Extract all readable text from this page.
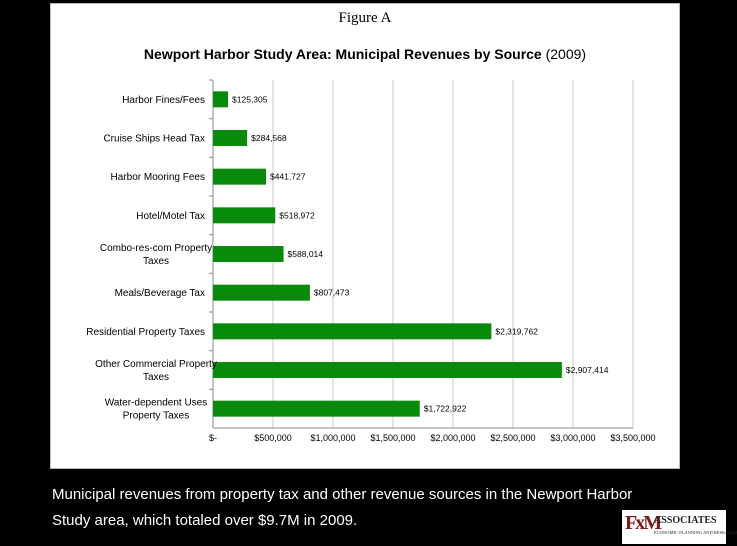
Figure A
Newport Harbor Study Area: Municipal Revenues by Source (2009)
$-	$500,000 $1,000,000 $1,500,000 $2,000,000 $2,500,000 $3,000,000 $3,500,000
$125,305
Harbor Fines/Fees
$284,568
Cruise Ships Head Tax
$441,727
Harbor Mooring Fees
$518,972
Hotel/Motel Tax
$588,014
Combo-res-com Property
Taxes
$807,473
Meals/Beverage Tax
$2,319,762
Residential Property Taxes
$2,907,414
Other Commercial Property
Taxes
$1,722,922
Water-dependent Uses
Property Taxes
Municipal revenues from property tax and other revenue sources in the Newport Harbor Study area, which totaled over $9.7M in 2009.	FxM
ASSOCIATES
ECONOMIC PLANNING AND RESEARCH
